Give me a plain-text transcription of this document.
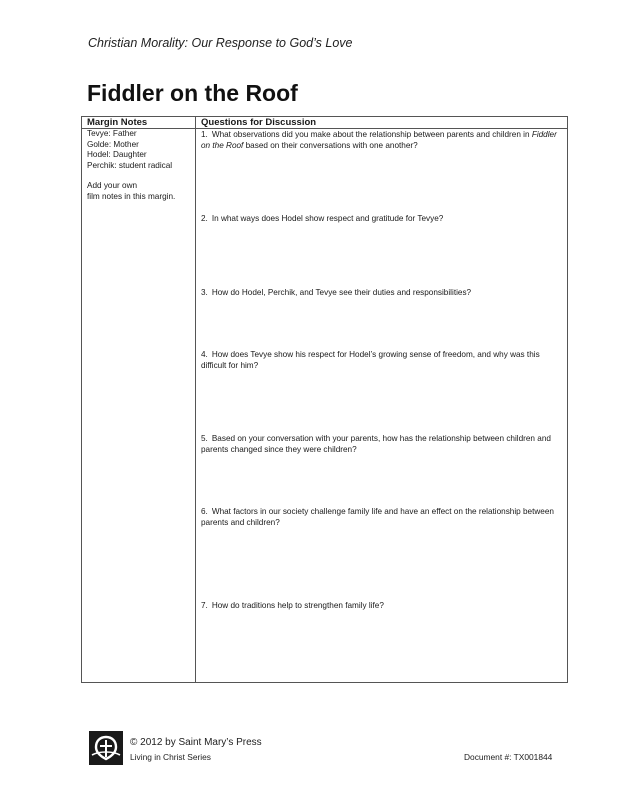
Christian Morality: Our Response to God’s Love
Fiddler on the Roof
Margin Notes	Questions for Discussion
Tevye: Father
Golde: Mother
Hodel: Daughter
Perchik: student radical
Add your own
film notes in this margin.
1. What observations did you make about the relationship between parents and children in Fiddler on the Roof based on their conversations with one another?
2. In what ways does Hodel show respect and gratitude for Tevye?
3. How do Hodel, Perchik, and Tevye see their duties and responsibilities?
4. How does Tevye show his respect for Hodel’s growing sense of freedom, and why was this difficult for him?
5. Based on your conversation with your parents, how has the relationship between children and parents changed since they were children?
6. What factors in our society challenge family life and have an effect on the relationship between parents and children?
7. How do traditions help to strengthen family life?
© 2012 by Saint Mary’s Press
Living in Christ Series	Document #: TX001844
